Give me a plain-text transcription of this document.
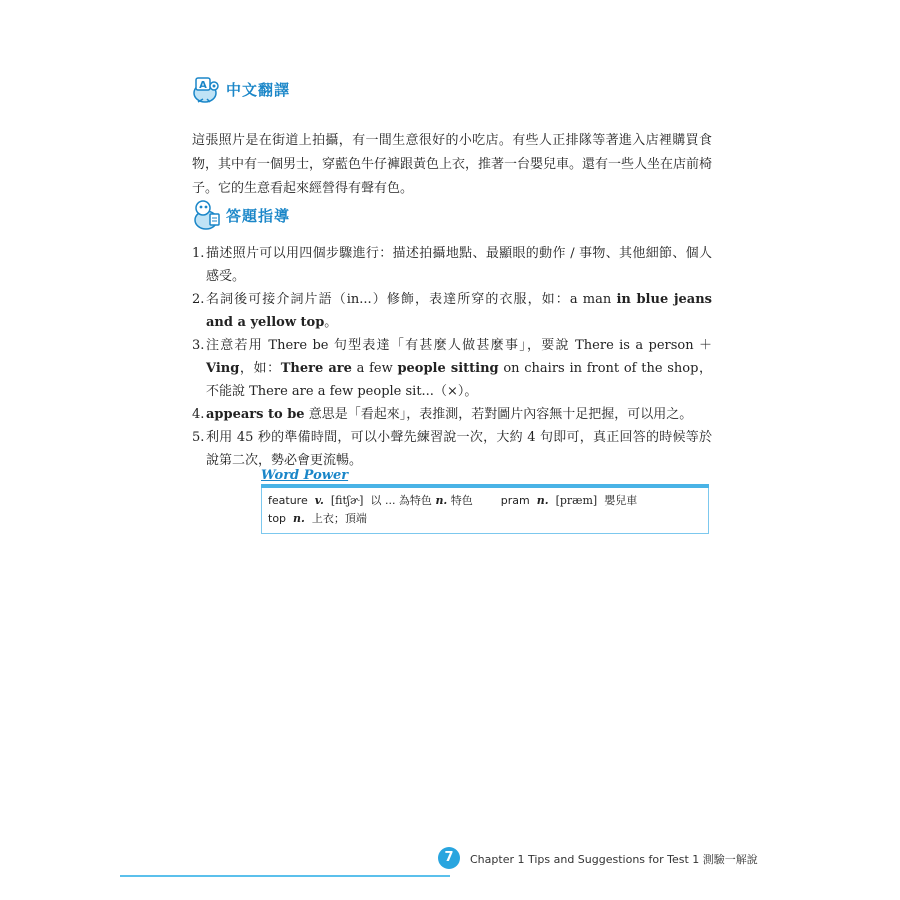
A 中文翻譯

這張照片是在街道上拍攝，有一間生意很好的小吃店。有些人正排隊等著進入店裡購買食物，其中有一個男士，穿藍色牛仔褲跟黃色上衣，推著一台嬰兒車。還有一些人坐在店前椅子。它的生意看起來經營得有聲有色。

答題指導
1. 描述照片可以用四個步驟進行：描述拍攝地點、最顯眼的動作 / 事物、其他細節、個人感受。
2. 名詞後可接介詞片語（in...）修飾，表達所穿的衣服，如：a man in blue jeans and a yellow top。
3. 注意若用 There be 句型表達「有甚麼人做甚麼事」，要說 There is a person ＋ Ving，如：There are a few people sitting on chairs in front of the shop，不能說 There are a few people sit...（×）。
4. appears to be 意思是「看起來」，表推測，若對圖片內容無十足把握，可以用之。
5. 利用 45 秒的準備時間，可以小聲先練習說一次，大約 4 句即可，真正回答的時候等於說第二次，勢必會更流暢。
Word Power
feature v. [fitʃɚ] 以 ... 為特色 n. 特色	pram n. [præm] 嬰兒車
top n. 上衣；頂端
7	Chapter 1 Tips and Suggestions for Test 1 測驗一解說
